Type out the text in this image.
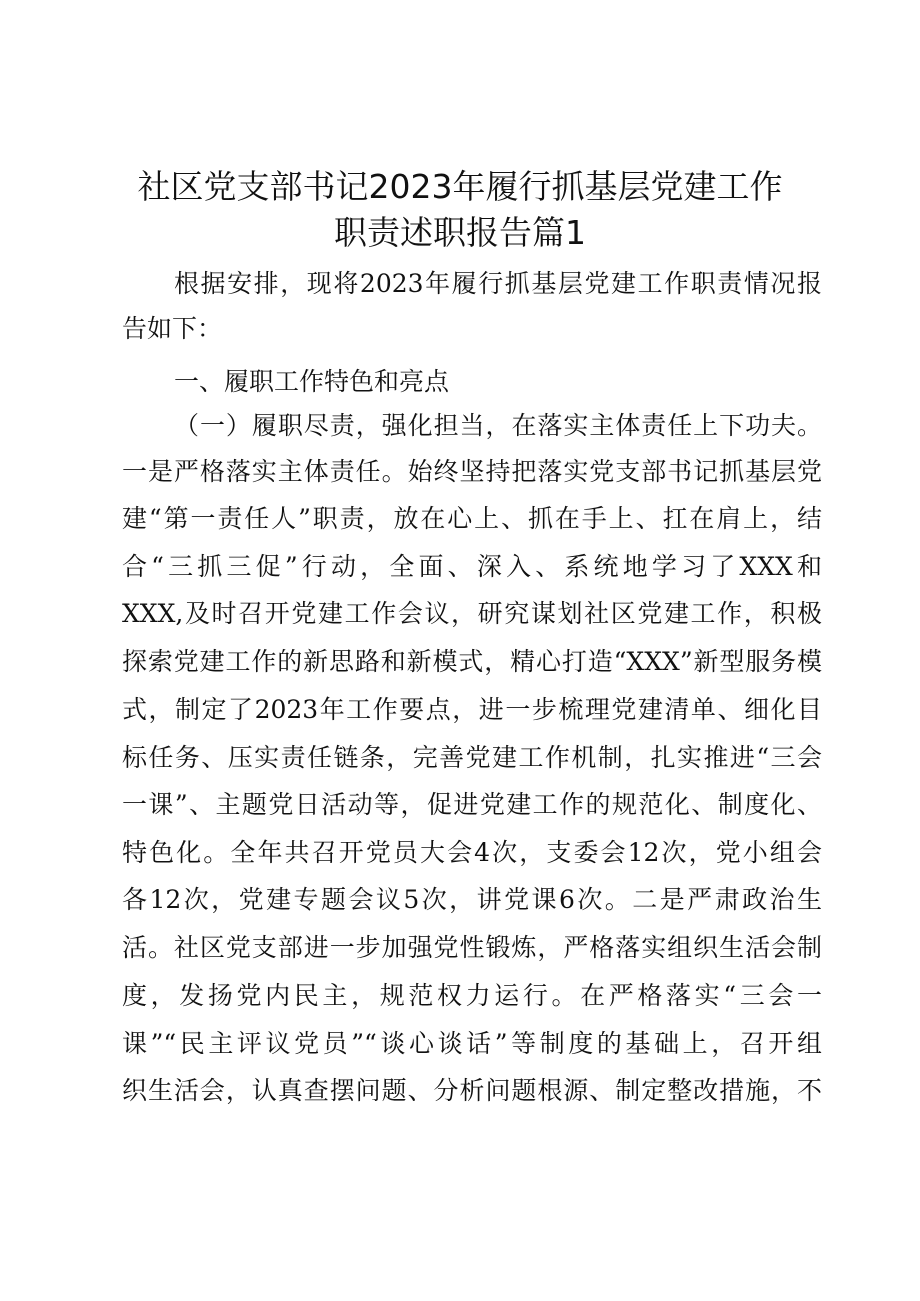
社区党支部书记2023年履行抓基层党建工作
职责述职报告篇1
根据安排，现将2023年履行抓基层党建工作职责情况报
告如下：
一、履职工作特色和亮点
（一）履职尽责，强化担当，在落实主体责任上下功夫。
一是严格落实主体责任。始终坚持把落实党支部书记抓基层党
建“第一责任人”职责，放在心上、抓在手上、扛在肩上，结
合“三抓三促”行动，全面、深入、系统地学习了XXX和
XXX,及时召开党建工作会议，研究谋划社区党建工作，积极
探索党建工作的新思路和新模式，精心打造“XXX”新型服务模
式，制定了2023年工作要点，进一步梳理党建清单、细化目
标任务、压实责任链条，完善党建工作机制，扎实推进“三会
一课”、主题党日活动等，促进党建工作的规范化、制度化、
特色化。全年共召开党员大会4次，支委会12次，党小组会
各12次，党建专题会议5次，讲党课6次。二是严肃政治生
活。社区党支部进一步加强党性锻炼，严格落实组织生活会制
度，发扬党内民主，规范权力运行。在严格落实“三会一
课”“民主评议党员”“谈心谈话”等制度的基础上，召开组
织生活会，认真查摆问题、分析问题根源、制定整改措施，不
